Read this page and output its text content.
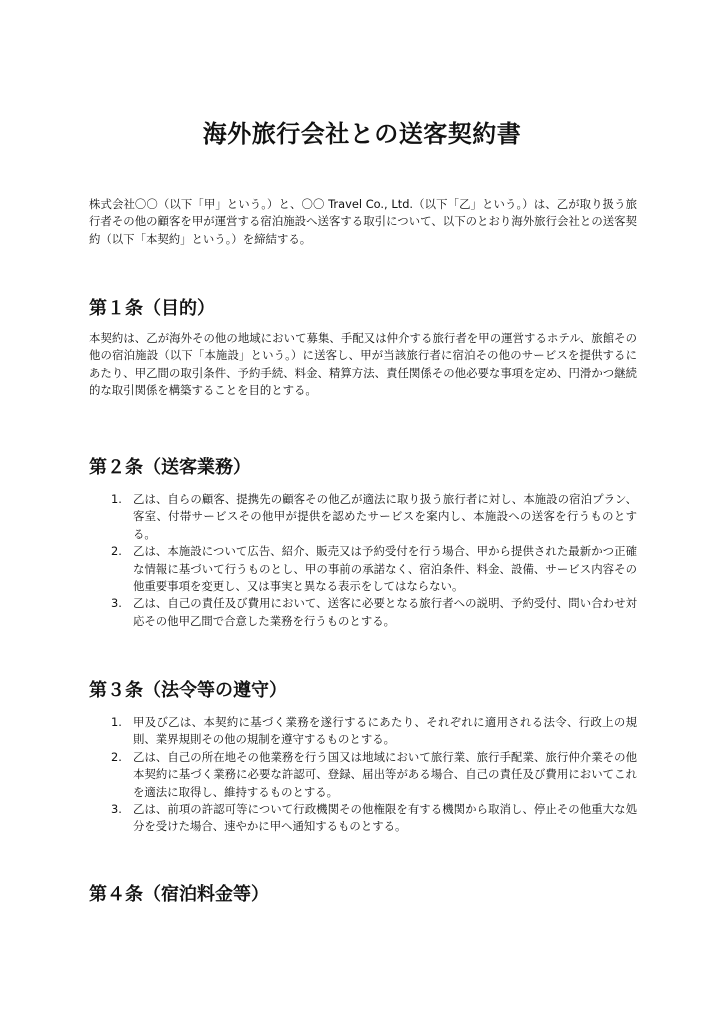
海外旅行会社との送客契約書
株式会社〇〇（以下「甲」という。）と、〇〇 Travel Co., Ltd.（以下「乙」という。）は、乙が取り扱う旅行者その他の顧客を甲が運営する宿泊施設へ送客する取引について、以下のとおり海外旅行会社との送客契約（以下「本契約」という。）を締結する。
第１条（目的）
本契約は、乙が海外その他の地域において募集、手配又は仲介する旅行者を甲の運営するホテル、旅館その他の宿泊施設（以下「本施設」という。）に送客し、甲が当該旅行者に宿泊その他のサービスを提供するにあたり、甲乙間の取引条件、予約手続、料金、精算方法、責任関係その他必要な事項を定め、円滑かつ継続的な取引関係を構築することを目的とする。
第２条（送客業務）
1. 乙は、自らの顧客、提携先の顧客その他乙が適法に取り扱う旅行者に対し、本施設の宿泊プラン、客室、付帯サービスその他甲が提供を認めたサービスを案内し、本施設への送客を行うものとする。
2. 乙は、本施設について広告、紹介、販売又は予約受付を行う場合、甲から提供された最新かつ正確な情報に基づいて行うものとし、甲の事前の承諾なく、宿泊条件、料金、設備、サービス内容その他重要事項を変更し、又は事実と異なる表示をしてはならない。
3. 乙は、自己の責任及び費用において、送客に必要となる旅行者への説明、予約受付、問い合わせ対応その他甲乙間で合意した業務を行うものとする。
第３条（法令等の遵守）
1. 甲及び乙は、本契約に基づく業務を遂行するにあたり、それぞれに適用される法令、行政上の規則、業界規則その他の規制を遵守するものとする。
2. 乙は、自己の所在地その他業務を行う国又は地域において旅行業、旅行手配業、旅行仲介業その他本契約に基づく業務に必要な許認可、登録、届出等がある場合、自己の責任及び費用においてこれを適法に取得し、維持するものとする。
3. 乙は、前項の許認可等について行政機関その他権限を有する機関から取消し、停止その他重大な処分を受けた場合、速やかに甲へ通知するものとする。
第４条（宿泊料金等）
